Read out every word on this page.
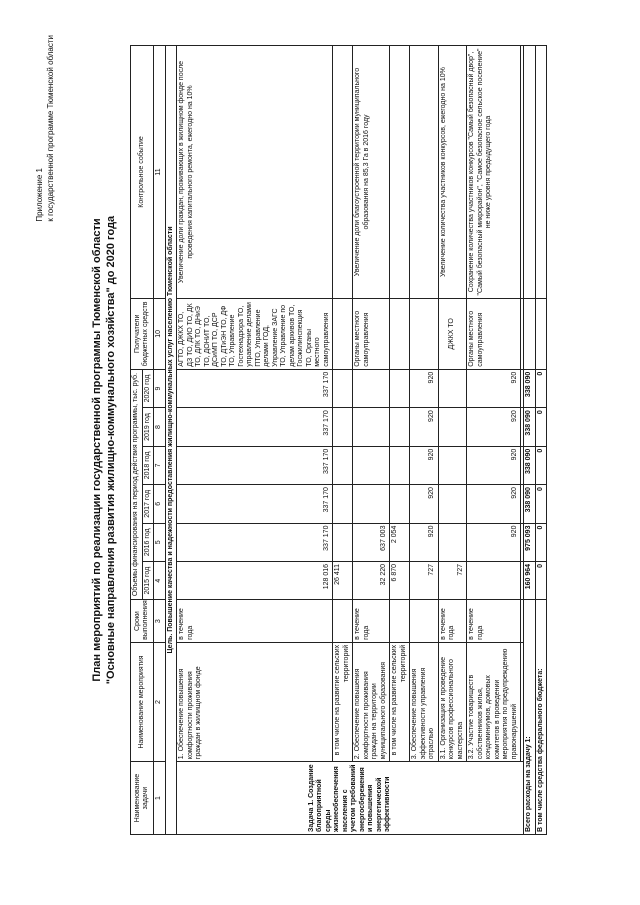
Приложение 1 к государственной программе Тюменской области
План мероприятий по реализации государственной программы Тюменской области "Основные направления развития жилищно-коммунального хозяйства" до 2020 года
Наименование задачи	Наименование мероприятия	Сроки выполнения	Объемы финансирования на период действия программы, тыс. руб.						Получатели бюджетных средств	Контрольное событие
			2015 год	2016 год	2017 год	2018 год	2019 год	2020 год		
1	2	3	4	5	6	7	8	9	10	11
Цель. Повышение качества и надежности предоставления жилищно-коммунальных услуг населению Тюменской области										
Задача 1. Создание благоприятной среды жизнеобеспечения населения с учетом требований энергосбережения и повышения энергетической эффективности	1. Обеспечение повышения комфортности проживания граждан в жилищном фонде	в течение года	128 016	337 170	337 170	337 170	337 170	337 170	АГТО, ДЖКХ ТО, ДЗ ТО, ДИО ТО, ДК ТО, ДЛК ТО, ДНиЭ ТО, ДОНИТ ТО, ДСиМП ТО, ДСР ТО, ДТиЭН ТО, ДФ ТО, Управление Гостехнадзора ТО, управление делами ПТО, Управление делами ГОД, Управление ЗАГС ТО, Управление по делам архивов ТО, Госжилинспекция ТО, Органы местного самоуправления	Увеличение доли граждан, проживающих в жилищном фонде после проведения капитального ремонта, ежегодно на 10%
	в том числе на развитие сельских территорий		26 411							
	2. Обеспечение повышения комфортности проживания граждан на территории муниципального образования	в течение года	32 220	637 003					Органы местного самоуправления	Увеличение доли благоустроенной территории муниципального образования на 85,3 Га в 2016 году
	в том числе на развитие сельских территорий		6 870	2 054						
	3. Обеспечение повышения эффективности управления отраслью		727	920	920	920	920	920		
	3.1. Организация и проведение конкурсов профессионального мастерства	в течение года	727						ДЖКХ ТО	Увеличение количества участников конкурсов, ежегодно на 10%
	3.2. Участие товариществ собственников жилья, кондоминиумов, домовых комитетов в проведении мероприятия по предупреждению правонарушений	в течение года		920	920	920	920	920	Органы местного самоуправления	Сохранение количества участников конкурсов "Самый безопасный двор", "Самый безопасный микрорайон", "Самое безопасное сельское поселение" не ниже уровня предыдущего года

Всего расходы на задачу 1:			160 964	975 093	338 090	338 090	338 090	338 090		
В том числе средства федерального бюджета:			0	0	0	0	0	0		
